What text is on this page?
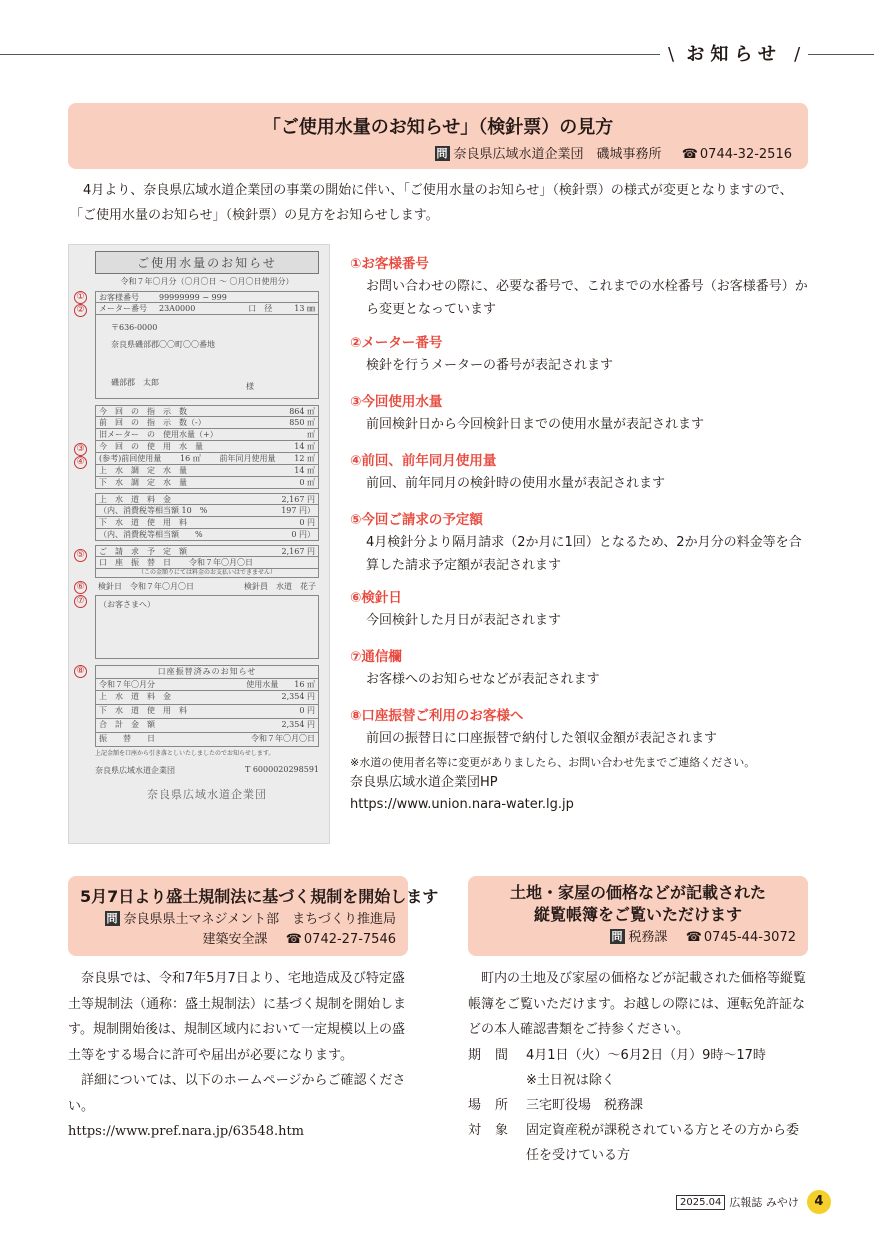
\ お知らせ /
「ご使用水量のお知らせ」（検針票）の見方
問 奈良県広域水道企業団　磯城事務所 ☎ 0744-32-2516

4月より、奈良県広域水道企業団の事業の開始に伴い、「ご使用水量のお知らせ」（検針票）の様式が変更となりますので、「ご使用水量のお知らせ」（検針票）の見方をお知らせします。

ご使用水量のお知らせ
令和７年〇月分（〇月〇日 〜 〇月〇日使用分）
①	お客様番号	99999999 − 999
②	メーター番号	23A0000	口　径	13 ㎜
〒636-0000
奈良県磯部郡〇〇町〇〇番地
磯部郡　太郎	様
今　回　の　指　示　数	864 ㎥
前　回　の　指　示　数（-）	850 ㎥
旧メーター　の　使用水量（+）	㎥
③	今　回　の　使　用　水　量	14 ㎥
④	(参考)前回使用量 16 ㎥ 前年同月使用量 12 ㎥
上　水　調　定　水　量	14 ㎥
下　水　調　定　水　量	0 ㎥
上　水　道　料　金	2,167 円
（内、消費税等相当額 10　%	197 円）
下　水　道　使　用　料	0 円
（内、消費税等相当額　　%	0 円）
⑤	ご　請　求　予　定　額	2,167 円
口　座　振　替　日 令和７年〇月〇日
（この金額りにては料金のお支払いはできません）
⑥	検針日　令和７年〇月〇日	検針員　水道　花子
⑦	（お客さまへ）
⑧	口座振替済みのお知らせ
令和７年〇月分	使用水量 16 ㎥
上　水　道　料　金	2,354 円
下　水　道　使　用　料	0 円
合　計　金　額	2,354 円
振　　替　　日	令和７年〇月〇日
上記金額を口座から引き落としいたしましたのでお知らせします。
奈良県広域水道企業団	T 6000020298591
奈良県広域水道企業団
①お客様番号
お問い合わせの際に、必要な番号で、これまでの水栓番号（お客様番号）から変更となっています
②メーター番号
検針を行うメーターの番号が表記されます
③今回使用水量
前回検針日から今回検針日までの使用水量が表記されます
④前回、前年同月使用量
前回、前年同月の検針時の使用水量が表記されます
⑤今回ご請求の予定額
4月検針分より隔月請求（2か月に1回）となるため、2か月分の料金等を合算した請求予定額が表記されます
⑥検針日
今回検針した月日が表記されます
⑦通信欄
お客様へのお知らせなどが表記されます
⑧口座振替ご利用のお客様へ
前回の振替日に口座振替で納付した領収金額が表記されます
※水道の使用者名等に変更がありましたら、お問い合わせ先までご連絡ください。
奈良県広域水道企業団HP
https://www.union.nara-water.lg.jp
5月7日より盛土規制法に基づく規制を開始します
問 奈良県県土マネジメント部　まちづくり推進局
建築安全課 ☎ 0742-27-7546

奈良県では、令和7年5月7日より、宅地造成及び特定盛土等規制法（通称：盛土規制法）に基づく規制を開始します。規制開始後は、規制区域内において一定規模以上の盛土等をする場合に許可や届出が必要になります。

詳細については、以下のホームページからご確認ください。

https://www.pref.nara.jp/63548.htm

土地・家屋の価格などが記載された
縦覧帳簿をご覧いただけます
問 税務課 ☎ 0745-44-3072

町内の土地及び家屋の価格などが記載された価格等縦覧帳簿をご覧いただけます。お越しの際には、運転免許証などの本人確認書類をご持参ください。

期間 4月1日（火）〜6月2日（月）9時〜17時
※土日祝は除く
場所 三宅町役場　税務課
対象 固定資産税が課税されている方とその方から委任を受けている方
2025.04 広報誌 みやけ	4
